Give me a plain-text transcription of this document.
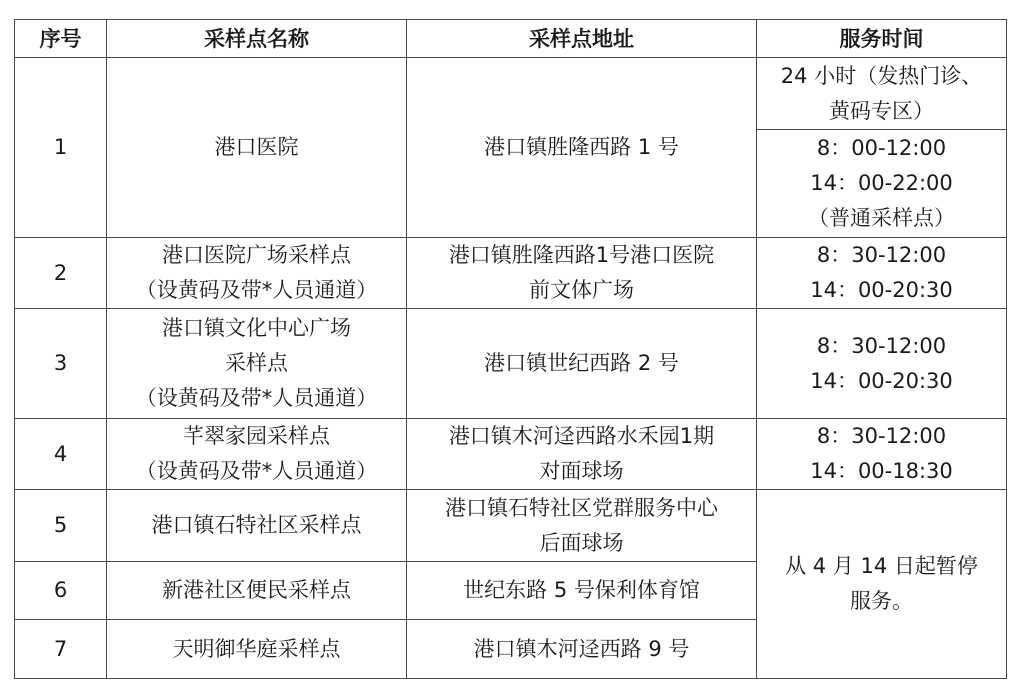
序号	采样点名称	采样点地址	服务时间
1	港口医院	港口镇胜隆西路 1 号	24 小时（发热门诊、
黄码专区）

			8：00-12:00
14：00-22:00
（普通采样点）

2	港口医院广场采样点
（设黄码及带*人员通道）	港口镇胜隆西路1号港口医院
前文体广场	8：30-12:00
14：00-20:30

3	港口镇文化中心广场
采样点
（设黄码及带*人员通道）	港口镇世纪西路 2 号	8：30-12:00
14：00-20:30

4	芊翠家园采样点
（设黄码及带*人员通道）	港口镇木河迳西路水禾园1期
对面球场	8：30-12:00
14：00-18:30

5	港口镇石特社区采样点	港口镇石特社区党群服务中心
后面球场	从 4 月 14 日起暂停
服务。

6	新港社区便民采样点	世纪东路 5 号保利体育馆	
7	天明御华庭采样点	港口镇木河迳西路 9 号	
